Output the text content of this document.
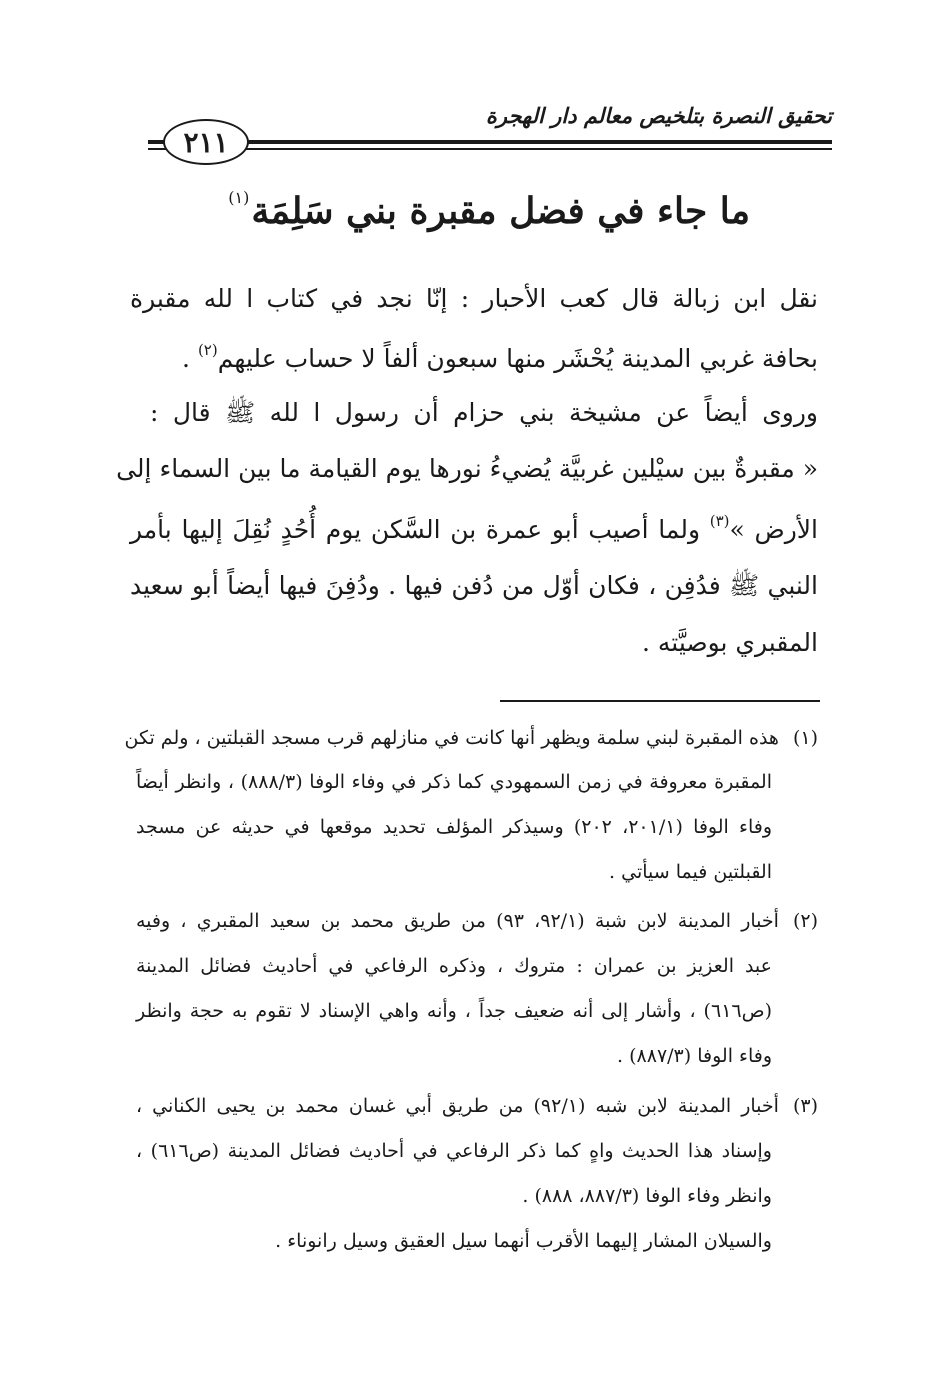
تحقيق النصرة بتلخيص معالم دار الهجرة
٢١١
ما جاء في فضل مقبرة بني سَلِمَة$^{(١)}$
نقل ابن زبالة قال كعب الأحبار : إنّا نجد في كتاب ا لله مقبرة
بحافة غربي المدينة يُحْشَر منها سبعون ألفاً لا حساب عليهم$^{(٢)}$ .
وروى أيضاً عن مشيخة بني حزام أن رسول ا لله ﷺ قال :
« مقبرةٌ بين سيْلين غربيَّة يُضيءُ نورها يوم القيامة ما بين السماء إلى
الأرض »$^{(٣)}$ ولما أصيب أبو عمرة بن السَّكن يوم أُحُدٍ نُقِلَ إليها بأمر
النبي ﷺ فدُفِن ، فكان أوّل من دُفن فيها . ودُفِنَ فيها أيضاً أبو سعيد
المقبري بوصيَّته .
(١)هذه المقبرة لبني سلمة ويظهر أنها كانت في منازلهم قرب مسجد القبلتين ، ولم تكن
المقبرة معروفة في زمن السمهودي كما ذكر في وفاء الوفا (٨٨٨/٣) ، وانظر أيضاً
وفاء الوفا (٢٠١/١، ٢٠٢) وسيذكر المؤلف تحديد موقعها في حديثه عن مسجد
القبلتين فيما سيأتي .
(٢)أخبار المدينة لابن شبة (٩٢/١، ٩٣) من طريق محمد بن سعيد المقبري ، وفيه
عبد العزيز بن عمران : متروك ، وذكره الرفاعي في أحاديث فضائل المدينة
(ص٦١٦) ، وأشار إلى أنه ضعيف جداً ، وأنه واهي الإسناد لا تقوم به حجة وانظر
وفاء الوفا (٨٨٧/٣) .
(٣)أخبار المدينة لابن شبه (٩٢/١) من طريق أبي غسان محمد بن يحيى الكناني ،
وإسناد هذا الحديث واهٍ كما ذكر الرفاعي في أحاديث فضائل المدينة (ص٦١٦) ،
وانظر وفاء الوفا (٨٨٧/٣، ٨٨٨) .
والسيلان المشار إليهما الأقرب أنهما سيل العقيق وسيل رانوناء .
